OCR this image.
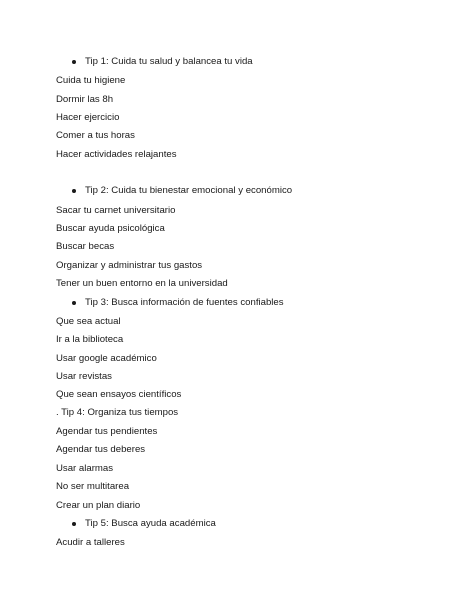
Tip 1: Cuida tu salud y balancea tu vida
Cuida tu higiene
Dormir las 8h
Hacer ejercicio
Comer a tus horas
Hacer actividades relajantes
Tip 2: Cuida tu bienestar emocional y económico
Sacar tu carnet universitario
Buscar ayuda psicológica
Buscar becas
Organizar y administrar tus gastos
Tener un buen entorno en la universidad
Tip 3: Busca información de fuentes confiables
Que sea actual
Ir a la biblioteca
Usar google académico
Usar revistas
Que sean ensayos científicos
. Tip 4: Organiza tus tiempos
Agendar tus pendientes
Agendar tus deberes
Usar alarmas
No ser multitarea
Crear un plan diario
Tip 5: Busca ayuda académica
Acudir a talleres
